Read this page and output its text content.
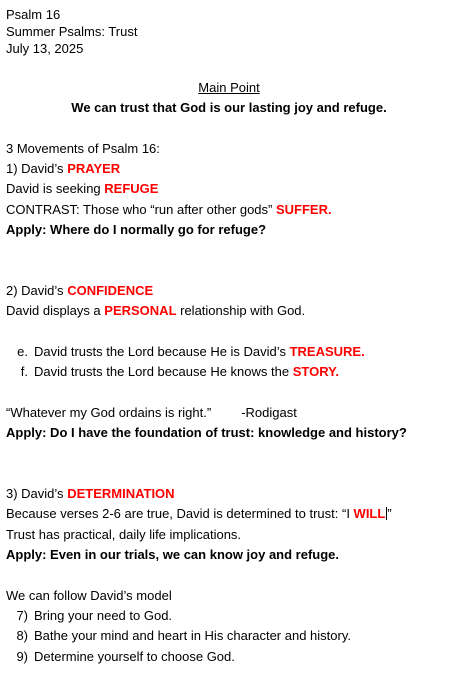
Psalm 16
Summer Psalms: Trust
July 13, 2025
Main Point
We can trust that God is our lasting joy and refuge.
3 Movements of Psalm 16:
1) David’s PRAYER
David is seeking REFUGE
CONTRAST: Those who “run after other gods” SUFFER.
Apply: Where do I normally go for refuge?
2) David’s CONFIDENCE
David displays a PERSONAL relationship with God.
e. David trusts the Lord because He is David’s TREASURE.
f. David trusts the Lord because He knows the STORY.
“Whatever my God ordains is right.” -Rodigast
Apply: Do I have the foundation of trust: knowledge and history?
3) David’s DETERMINATION
Because verses 2-6 are true, David is determined to trust: “I WILL ”
Trust has practical, daily life implications.
Apply: Even in our trials, we can know joy and refuge.
We can follow David’s model
7) Bring your need to God.
8) Bathe your mind and heart in His character and history.
9) Determine yourself to choose God.
